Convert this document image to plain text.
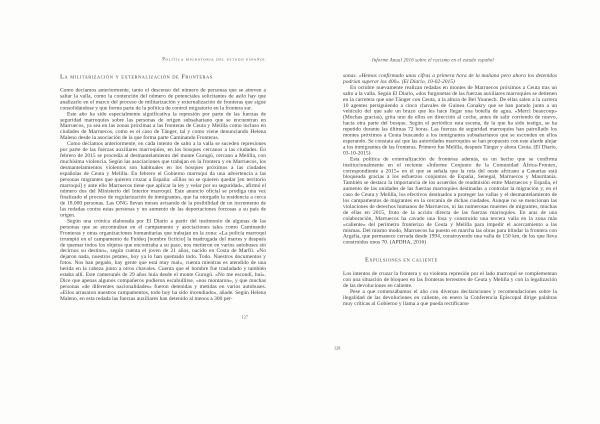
Política migratoria del estado español
La militarización y externalización de Fronteras

Como decíamos anteriormente, tanto el descenso del número de personas que se atreven a saltar la valla, como la contención del número de potenciales solicitantes de asilo hay que analizarlo en el marco del proceso de militarización y externalización de fronteras que sigue consolidándose y que forma parte de la política de control migratorio en la frontera sur.

Este año ha sido especialmente significativa la represión por parte de las fuerzas de seguridad marroquíes sobre las personas de origen subsahariano que se encuentran en Marruecos, ya sea en las zonas próximas a las fronteras de Ceuta y Melilla como incluso en ciudades de Marruecos, como es el caso de Tánger, tal y como viene denunciando Helena Maleno desde la asociación de la que forma parte Caminando Fronteras.

Como decíamos anteriormente, en cada intento de salto a la valla se suceden represiones por parte de las fuerzas auxiliares marroquíes, en los bosques cercanos a las ciudades. En febrero de 2015 se procedía al desmantelamiento del monte Gurugú, cercano a Melilla, con muchísima violencia. Según las asociaciones que trabajan en la frontera y en Marruecos, los desmantelamientos violentos son habituales en los bosques próximos a las ciudades españolas de Ceuta y Melilla. En febrero el Gobierno marroquí da una advertencia a las personas migrantes que quieren cruzar a España: «Ellos no se quieren quedar [en territorio marroquí] y ante ello Marruecos tiene que aplicar la ley y velar por su seguridad», afirmó el número dos del Ministerio del Interior marroquí. Este anuncio oficial se prodiga una vez finalizado el proceso de regularización de inmigrantes, que ha otorgado la residencia a cerca de 18.000 personas. Las ONG llevan meses avisando de la posibilidad de un incremento de las redadas contra estas personas y un aumento de las deportaciones forzosas a su país de origen.

Según una crónica elaborada por El Diario a partir del testimonio de algunas de las personas que se encontraban en el campamento y asociaciones tales como Caminando Fronteras y otras organizaciones humanitarias que trabajan en la zona: «La policía marroquí irrumpió en el campamento de Fnideq [nombre ficticio] la madrugada del martes y después de quemar todos los objetos que encontraba a su paso, nos metieron en varios autobuses sin decirnos su destino», según cuenta el joven de 21 años, nacido en Costa de Marfil. «No dejaron nada, nuestros petates, hoy ya lo han quemado todo. Todo. Nuestros documentos y fotos. Nos han pegado, hay gente que está muy mal», cuenta mientras es atendido de una herida en la cabeza junto a otros chavales. Cuenta que el hombre fue trasladado y también estaba allí. Este camerunés de 29 años huía desde el monte Gurugú. «No me escondí, huí». Dice que apenas algunos compañeros pudieron escabullirse, «nos montaron», y que muchas personas «de diferentes nacionalidades» fueron detenidas y metidas en varios autobuses. «Ellos arrasaron nuestros campamentos, todo hoy ha sido incendiado», añade. Según Helena Maleno, en esta redada las fuerzas auxiliares han detenido al menos a 300 per-

127
Informe Anual 2016 sobre el racismo en el estado español

sonas. «Hemos confirmado unas cifras a primera hora de la mañana pero ahora los detenidos podrían superar los 400». (El Diario, 10-02-2015)

En octubre nuevamente realizan redadas en montes de Marruecos próximos a Ceuta tras un salto a la valla. Según El Diario, «dos furgonetas de las fuerzas auxiliares marroquíes se detienen en la carretera que une Tánger con Ceuta, a la altura de Bel Younech. De ellas salen a la carrera 10 agentes persiguiendo a cinco chavales de Guinea Conakry que se han parado junto a un vehículo del que sale un brazo que les hace llegar una botella de agua. «Merci beaucoup» (Muchas gracias), grita uno de ellos en dirección al coche, antes de salir corriendo de nuevo, hacia otra parte del bosque. Según el periódico esta escena, de la que ha sido testigo, se ha repetido durante las últimas 72 horas. Las fuerzas de seguridad marroquíes han patrullado los montes próximos a Ceuta buscando a los inmigrantes subsaharianos que se esconden en ellos esperando. Se constata así que las autoridades marroquíes se han propuesto con este alarde alejar a los inmigrantes de las fronteras. Primero fue Melilla, después Tánger y ahora Ceuta. (El Diario, 03-10-2015)

Esta política de externalización de fronteras además, es un hecho que se confirma institucionalmente en el reciente «Informe Conjunto de la Comunidad África-Frontex, correspondiente a 2015» en el que se señala que la ruta del oeste africano a Canarias está bloqueada gracias a los esfuerzos conjuntos de España, Senegal, Marruecos y Mauritania. También se destaca la importancia de los acuerdos de readmisión entre Marruecos y España, el aumento de las unidades de las fuerzas marroquíes destinadas a controlar la migración y, en el caso de Ceuta y Melilla, los efectivos destinados a proteger las vallas y el desmantelamiento de los campamentos de migrantes en la cercanía de dichas ciudades. Aunque no se mencionan las violaciones de derechos humanos de Marruecos, ni las numerosas muertes de migrantes, muchas de ellas en 2015, fruto de la acción directa de las fuerzas marroquíes. En aras de una colaboración, Marruecos ha cavado una fosa y construido una tercera valla en la zona más «caliente» del perímetro fronterizo de Ceuta y Melilla para impedir el acercamiento a las mismas. Del mismo modo, Marruecos ha puesto en marcha las obras para blindar la frontera con Argelia, que permanece cerrada desde 1994, construyendo una valla de 150 km, de los que lleva construidos unos 70. (APDHA, 2016)

Expulsiones en caliente

Los intentos de cruzar la frontera y su violenta represión por el lado marroquí se complementan con una situación de bloqueo en las fronteras terrestres de Ceuta y Melilla y con la legalización de las devoluciones en caliente.

Pese a que comenzábamos el año con diversas declaraciones y recomendaciones sobre la ilegalidad de las devoluciones en caliente, en enero la Conferencia Episcopal dirige palabras muy críticas al Gobierno y llama a que pueda rectificarse

128
